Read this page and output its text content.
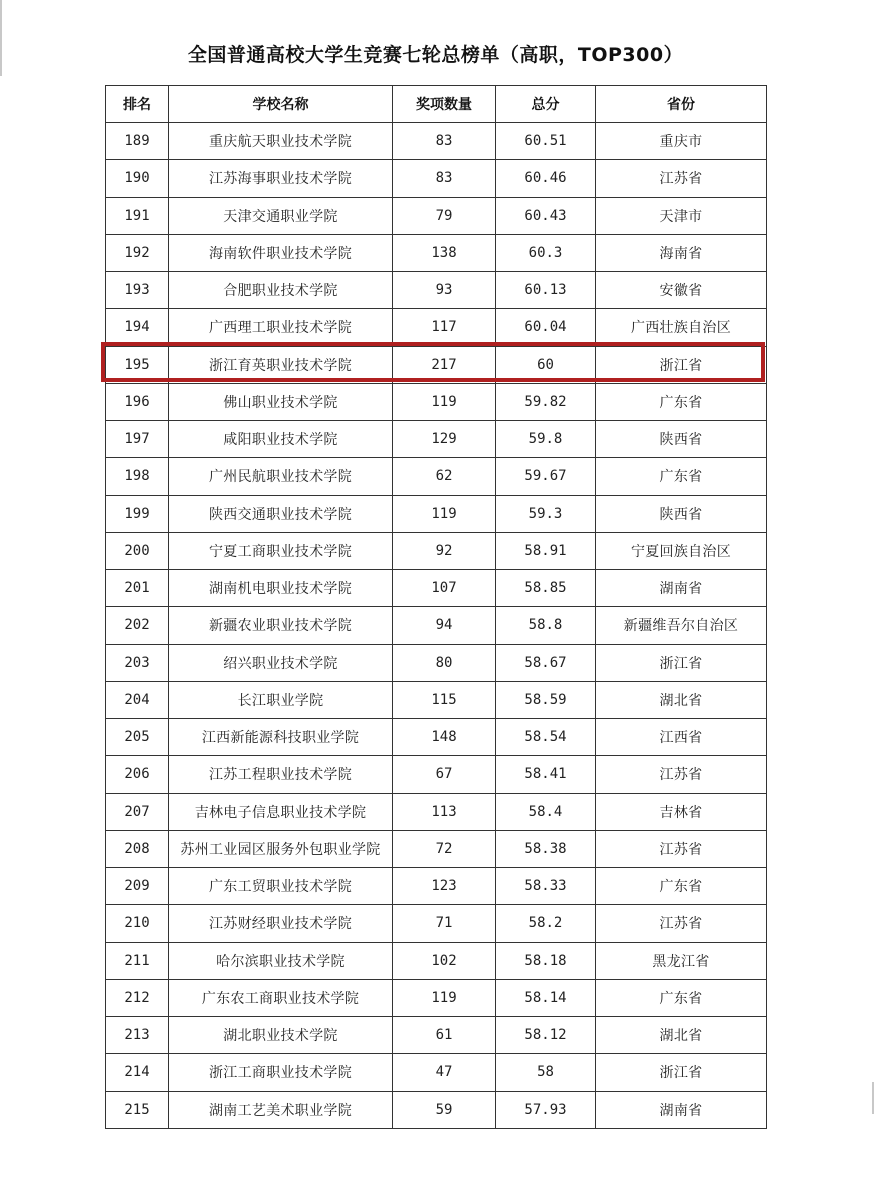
全国普通高校大学生竞赛七轮总榜单（高职，TOP300）
排名	学校名称	奖项数量	总分	省份
189	重庆航天职业技术学院	83	60.51	重庆市
190	江苏海事职业技术学院	83	60.46	江苏省
191	天津交通职业学院	79	60.43	天津市
192	海南软件职业技术学院	138	60.3	海南省
193	合肥职业技术学院	93	60.13	安徽省
194	广西理工职业技术学院	117	60.04	广西壮族自治区
195	浙江育英职业技术学院	217	60	浙江省
196	佛山职业技术学院	119	59.82	广东省
197	咸阳职业技术学院	129	59.8	陕西省
198	广州民航职业技术学院	62	59.67	广东省
199	陕西交通职业技术学院	119	59.3	陕西省
200	宁夏工商职业技术学院	92	58.91	宁夏回族自治区
201	湖南机电职业技术学院	107	58.85	湖南省
202	新疆农业职业技术学院	94	58.8	新疆维吾尔自治区
203	绍兴职业技术学院	80	58.67	浙江省
204	长江职业学院	115	58.59	湖北省
205	江西新能源科技职业学院	148	58.54	江西省
206	江苏工程职业技术学院	67	58.41	江苏省
207	吉林电子信息职业技术学院	113	58.4	吉林省
208	苏州工业园区服务外包职业学院	72	58.38	江苏省
209	广东工贸职业技术学院	123	58.33	广东省
210	江苏财经职业技术学院	71	58.2	江苏省
211	哈尔滨职业技术学院	102	58.18	黑龙江省
212	广东农工商职业技术学院	119	58.14	广东省
213	湖北职业技术学院	61	58.12	湖北省
214	浙江工商职业技术学院	47	58	浙江省
215	湖南工艺美术职业学院	59	57.93	湖南省
